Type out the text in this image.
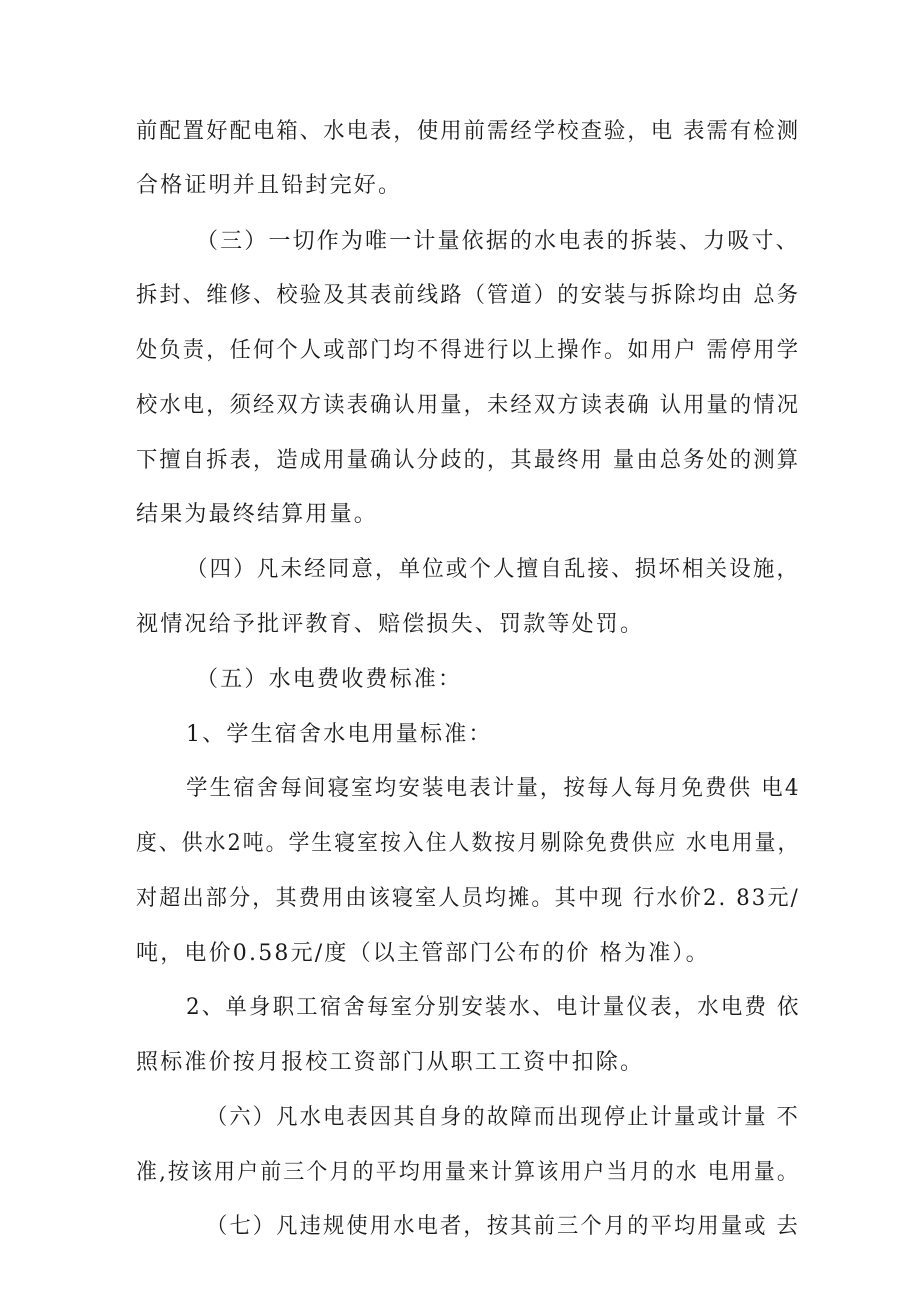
前配置好配电箱、水电表，使用前需经学校查验，电 表需有检测
合格证明并且铅封完好。
（三）一切作为唯一计量依据的水电表的拆装、力吸寸、
拆封、维修、校验及其表前线路（管道）的安装与拆除均由 总务
处负责，任何个人或部门均不得进行以上操作。如用户 需停用学
校水电，须经双方读表确认用量，未经双方读表确 认用量的情况
下擅自拆表，造成用量确认分歧的，其最终用 量由总务处的测算
结果为最终结算用量。
（四）凡未经同意，单位或个人擅自乱接、损坏相关设施，
视情况给予批评教育、赔偿损失、罚款等处罚。
（五）水电费收费标准：
1、学生宿舍水电用量标准：
学生宿舍每间寝室均安装电表计量，按每人每月免费供 电4
度、供水2吨。学生寝室按入住人数按月剔除免费供应 水电用量，
对超出部分，其费用由该寝室人员均摊。其中现 行水价2. 83元/
吨，电价0.58元/度（以主管部门公布的价 格为准）。
2、单身职工宿舍每室分别安装水、电计量仪表，水电费 依
照标准价按月报校工资部门从职工工资中扣除。
（六）凡水电表因其自身的故障而出现停止计量或计量 不
准,按该用户前三个月的平均用量来计算该用户当月的水 电用量。
（七）凡违规使用水电者，按其前三个月的平均用量或 去
